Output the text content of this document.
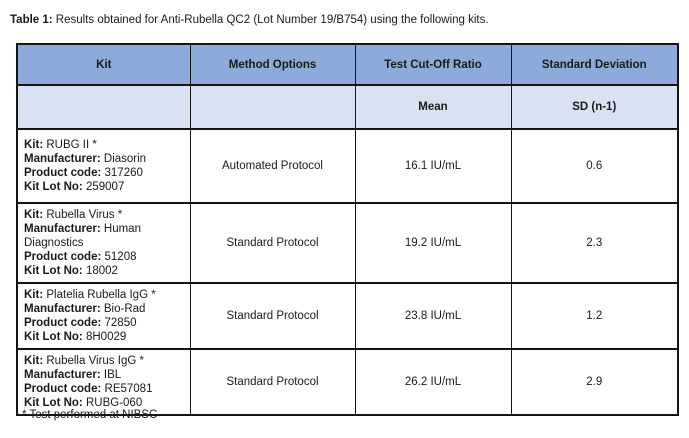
Table 1: Results obtained for Anti-Rubella QC2 (Lot Number 19/B754) using the following kits.

Kit	Method Options	Test Cut-Off Ratio	Standard Deviation
		Mean	SD (n-1)

Kit: RUBG II *
Manufacturer: Diasorin
Product code: 317260
Kit Lot No: 259007	Automated Protocol	16.1 IU/mL	0.6

Kit: Rubella Virus *
Manufacturer: Human Diagnostics
Product code: 51208
Kit Lot No: 18002	Standard Protocol	19.2 IU/mL	2.3

Kit: Platelia Rubella IgG *
Manufacturer: Bio-Rad
Product code: 72850
Kit Lot No: 8H0029	Standard Protocol	23.8 IU/mL	1.2

Kit: Rubella Virus IgG *
Manufacturer: IBL
Product code: RE57081
Kit Lot No: RUBG-060	Standard Protocol	26.2 IU/mL	2.9

* Test performed at NIBSC
